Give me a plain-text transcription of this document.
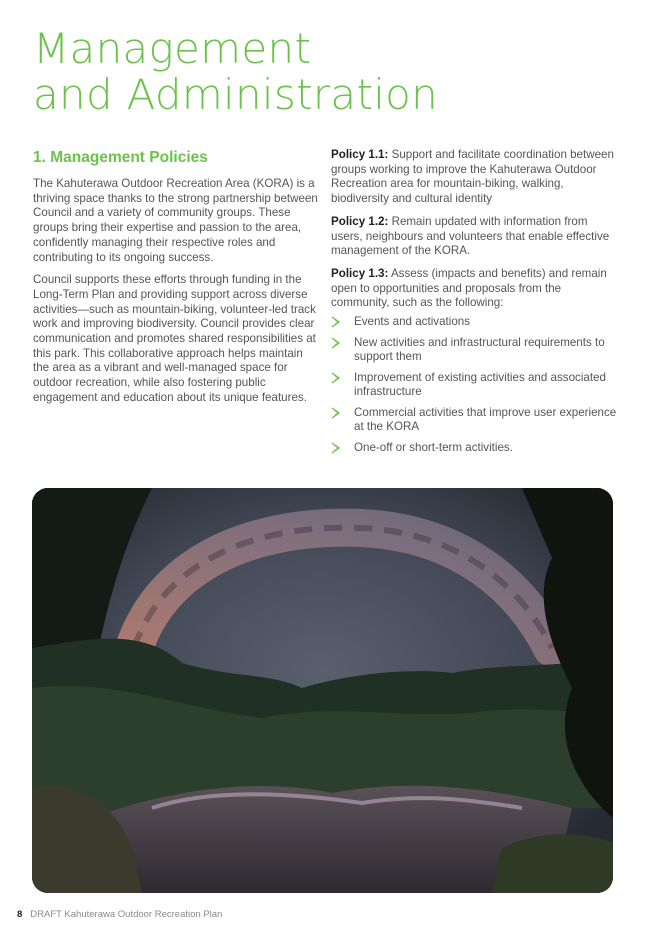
Management
and Administration
1. Management Policies

The Kahuterawa Outdoor Recreation Area (KORA) is a thriving space thanks to the strong partnership between Council and a variety of community groups. These groups bring their expertise and passion to the area, confidently managing their respective roles and contributing to its ongoing success.

Council supports these efforts through funding in the Long-Term Plan and providing support across diverse activities—such as mountain-biking, volunteer-led track work and improving biodiversity. Council provides clear communication and promotes shared responsibilities at this park. This collaborative approach helps maintain the area as a vibrant and well-managed space for outdoor recreation, while also fostering public engagement and education about its unique features.

Policy 1.1: Support and facilitate coordination between groups working to improve the Kahuterawa Outdoor Recreation area for mountain-biking, walking, biodiversity and cultural identity

Policy 1.2: Remain updated with information from users, neighbours and volunteers that enable effective management of the KORA.

Policy 1.3: Assess (impacts and benefits) and remain open to opportunities and proposals from the community, such as the following:

Events and activations
New activities and infrastructural requirements to support them
Improvement of existing activities and associated infrastructure
Commercial activities that improve user experience at the KORA
One-off or short-term activities.
8 DRAFT Kahuterawa Outdoor Recreation Plan
